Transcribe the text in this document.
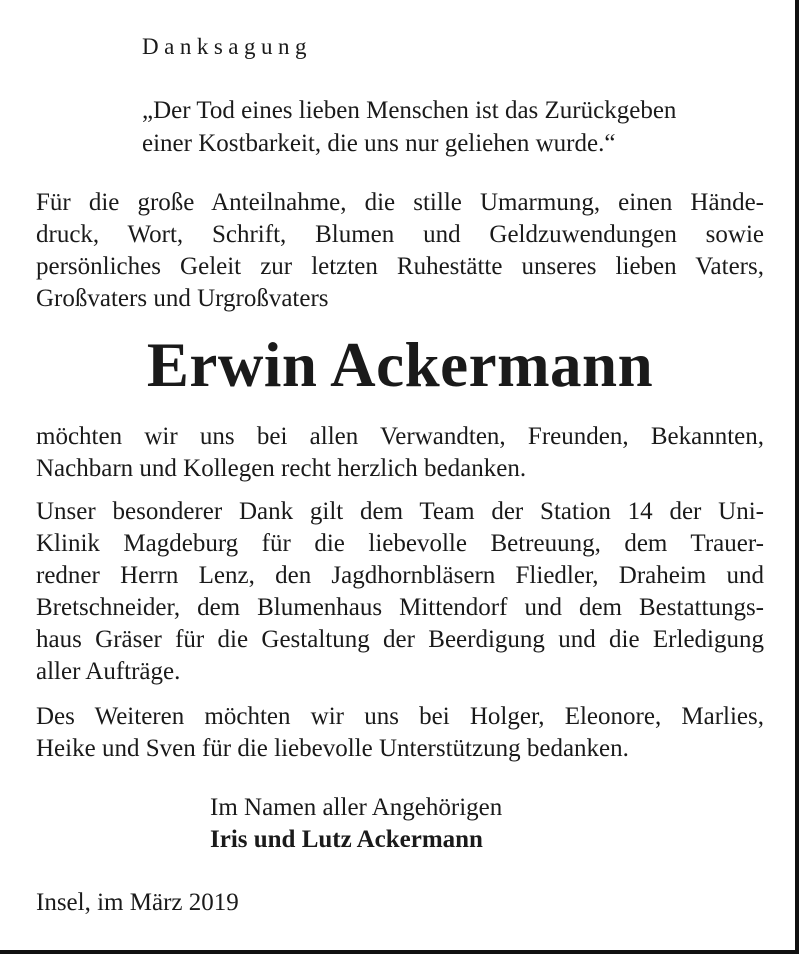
Danksagung
„Der Tod eines lieben Menschen ist das Zurückgeben
einer Kostbarkeit, die uns nur geliehen wurde.“
Für die große Anteilnahme, die stille Umarmung, einen Hände-
druck, Wort, Schrift, Blumen und Geldzuwendungen sowie
persönliches Geleit zur letzten Ruhestätte unseres lieben Vaters,
Großvaters und Urgroßvaters
Erwin Ackermann
möchten wir uns bei allen Verwandten, Freunden, Bekannten,
Nachbarn und Kollegen recht herzlich bedanken.
Unser besonderer Dank gilt dem Team der Station 14 der Uni-
Klinik Magdeburg für die liebevolle Betreuung, dem Trauer-
redner Herrn Lenz, den Jagdhornbläsern Fliedler, Draheim und
Bretschneider, dem Blumenhaus Mittendorf und dem Bestattungs-
haus Gräser für die Gestaltung der Beerdigung und die Erledigung
aller Aufträge.
Des Weiteren möchten wir uns bei Holger, Eleonore, Marlies,
Heike und Sven für die liebevolle Unterstützung bedanken.
Im Namen aller Angehörigen
Iris und Lutz Ackermann
Insel, im März 2019
